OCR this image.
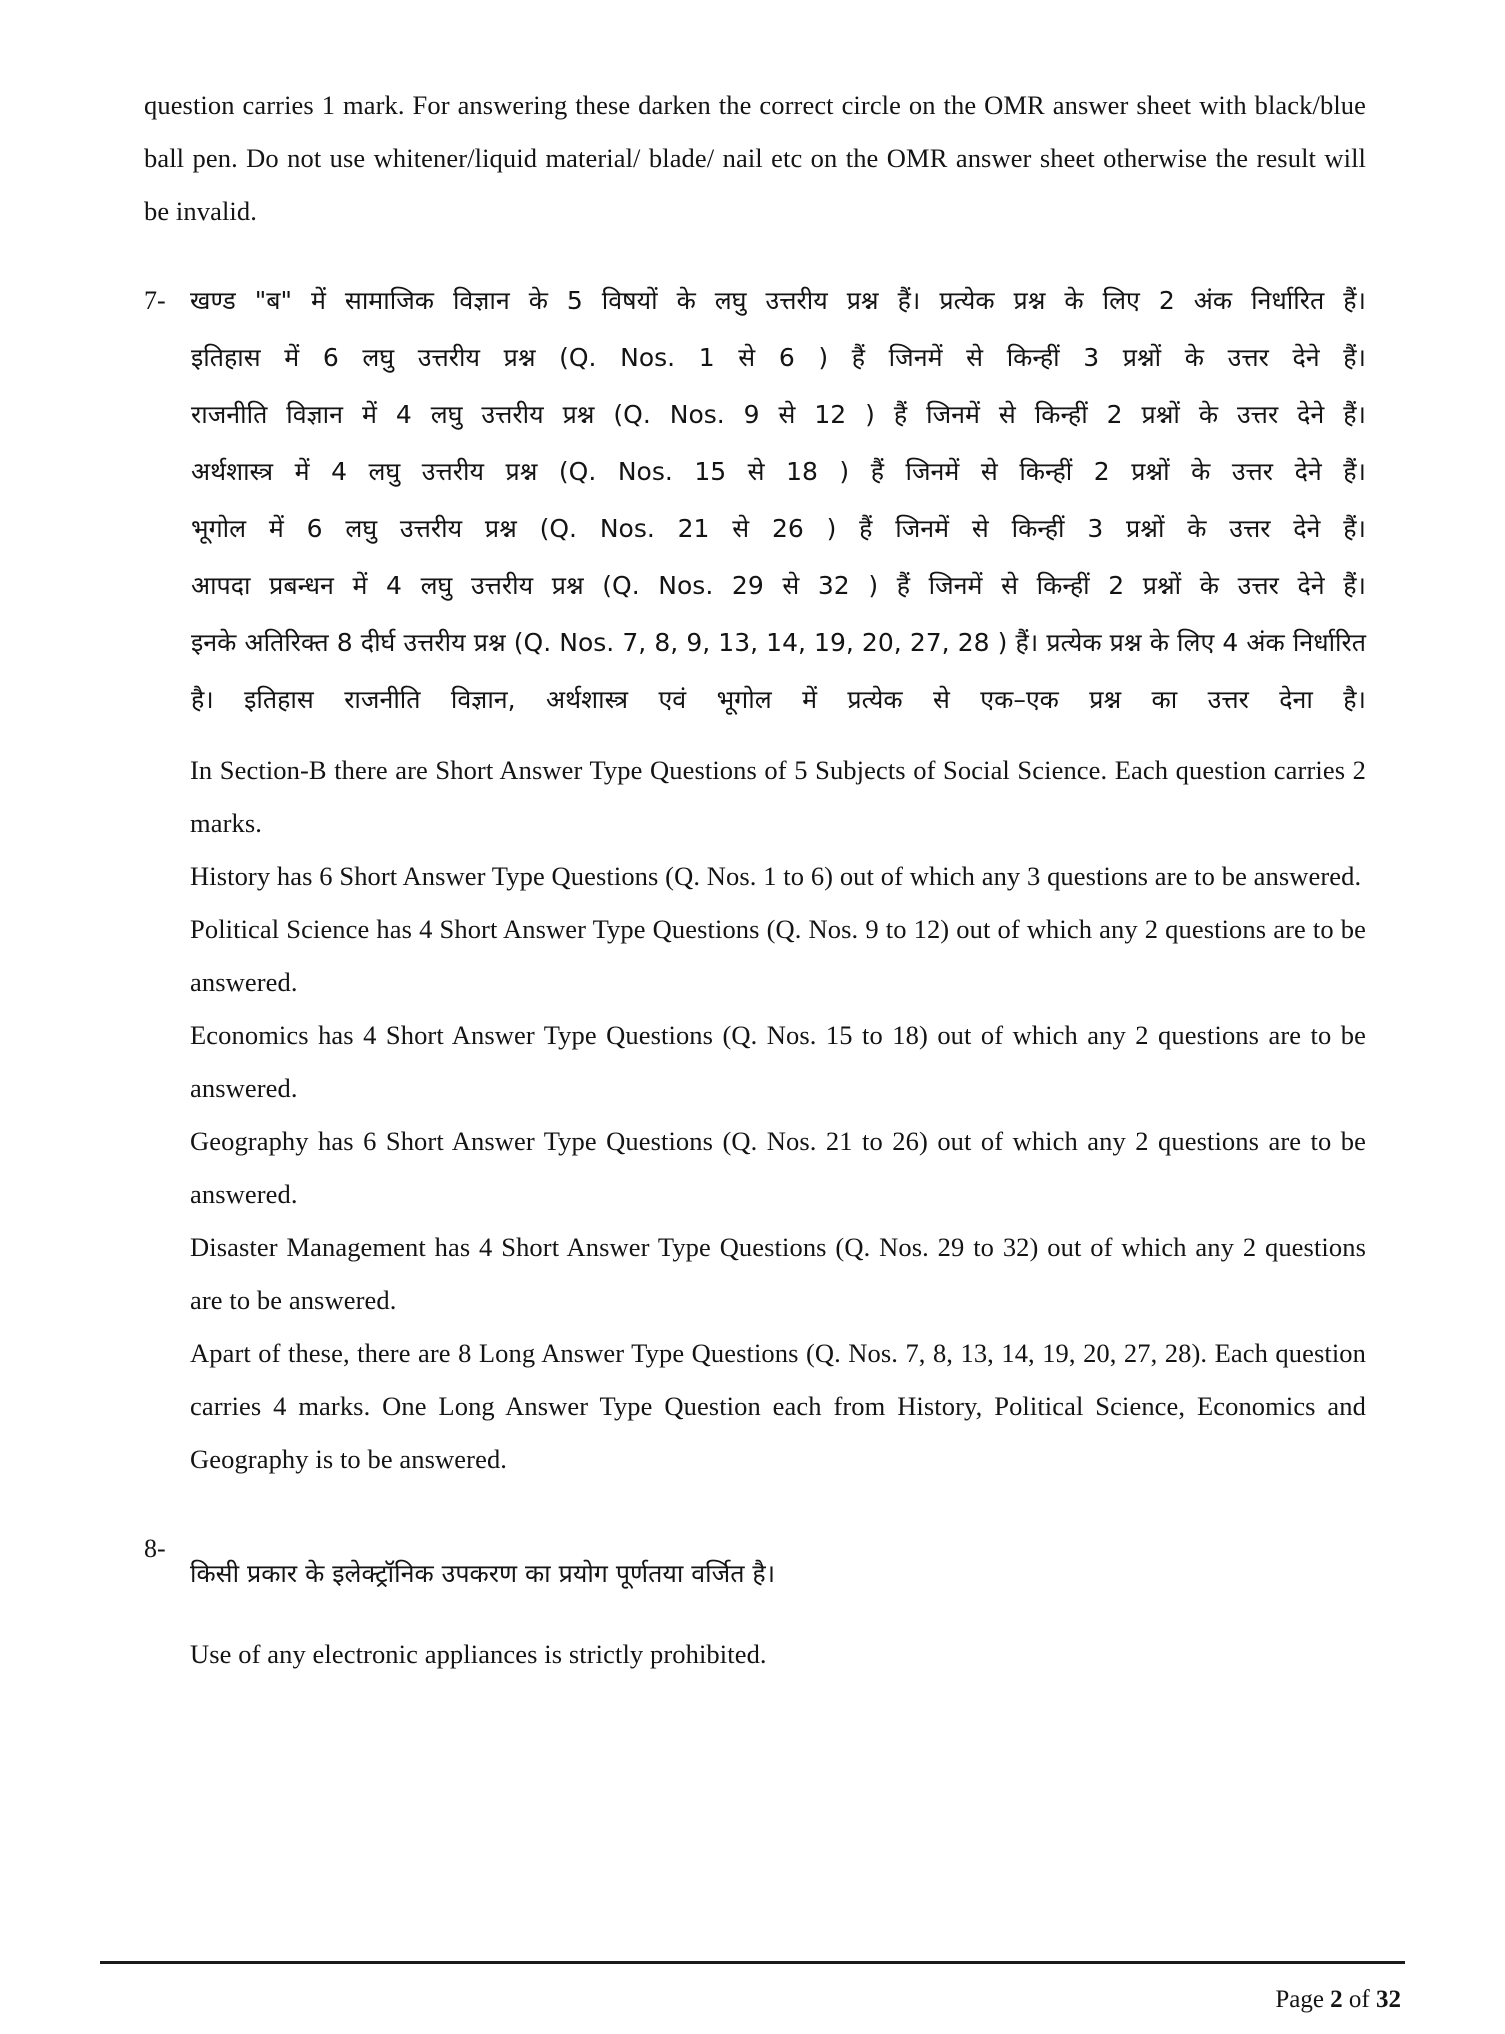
question carries 1 mark. For answering these darken the correct circle on the OMR answer sheet with black/blue ball pen. Do not use whitener/liquid material/ blade/ nail etc on the OMR answer sheet otherwise the result will be invalid.

7- खण्ड "ब" में सामाजिक विज्ञान के 5 विषयों के लघु उत्तरीय प्रश्न हैं। प्रत्येक प्रश्न के लिए 2 अंक निर्धारित हैं।

इतिहास में 6 लघु उत्तरीय प्रश्न (Q. Nos. 1 से 6 ) हैं जिनमें से किन्हीं 3 प्रश्नों के उत्तर देने हैं।

राजनीति विज्ञान में 4 लघु उत्तरीय प्रश्न (Q. Nos. 9 से 12 ) हैं जिनमें से किन्हीं 2 प्रश्नों के उत्तर देने हैं।

अर्थशास्त्र में 4 लघु उत्तरीय प्रश्न (Q. Nos. 15 से 18 ) हैं जिनमें से किन्हीं 2 प्रश्नों के उत्तर देने हैं।

भूगोल में 6 लघु उत्तरीय प्रश्न (Q. Nos. 21 से 26 ) हैं जिनमें से किन्हीं 3 प्रश्नों के उत्तर देने हैं।

आपदा प्रबन्धन में 4 लघु उत्तरीय प्रश्न (Q. Nos. 29 से 32 ) हैं जिनमें से किन्हीं 2 प्रश्नों के उत्तर देने हैं।

इनके अतिरिक्त 8 दीर्घ उत्तरीय प्रश्न (Q. Nos. 7, 8, 9, 13, 14, 19, 20, 27, 28 ) हैं। प्रत्येक प्रश्न के लिए 4 अंक निर्धारित है। इतिहास राजनीति विज्ञान, अर्थशास्त्र एवं भूगोल में प्रत्येक से एक–एक प्रश्न का उत्तर देना है।

In Section-B there are Short Answer Type Questions of 5 Subjects of Social Science. Each question carries 2 marks.

History has 6 Short Answer Type Questions (Q. Nos. 1 to 6) out of which any 3 questions are to be answered.

Political Science has 4 Short Answer Type Questions (Q. Nos. 9 to 12) out of which any 2 questions are to be answered.

Economics has 4 Short Answer Type Questions (Q. Nos. 15 to 18) out of which any 2 questions are to be answered.

Geography has 6 Short Answer Type Questions (Q. Nos. 21 to 26) out of which any 2 questions are to be answered.

Disaster Management has 4 Short Answer Type Questions (Q. Nos. 29 to 32) out of which any 2 questions are to be answered.

Apart of these, there are 8 Long Answer Type Questions (Q. Nos. 7, 8, 13, 14, 19, 20, 27, 28). Each question carries 4 marks. One Long Answer Type Question each from History, Political Science, Economics and Geography is to be answered.

8-

किसी प्रकार के इलेक्ट्रॉनिक उपकरण का प्रयोग पूर्णतया वर्जित है।

Use of any electronic appliances is strictly prohibited.

Page 2 of 32
